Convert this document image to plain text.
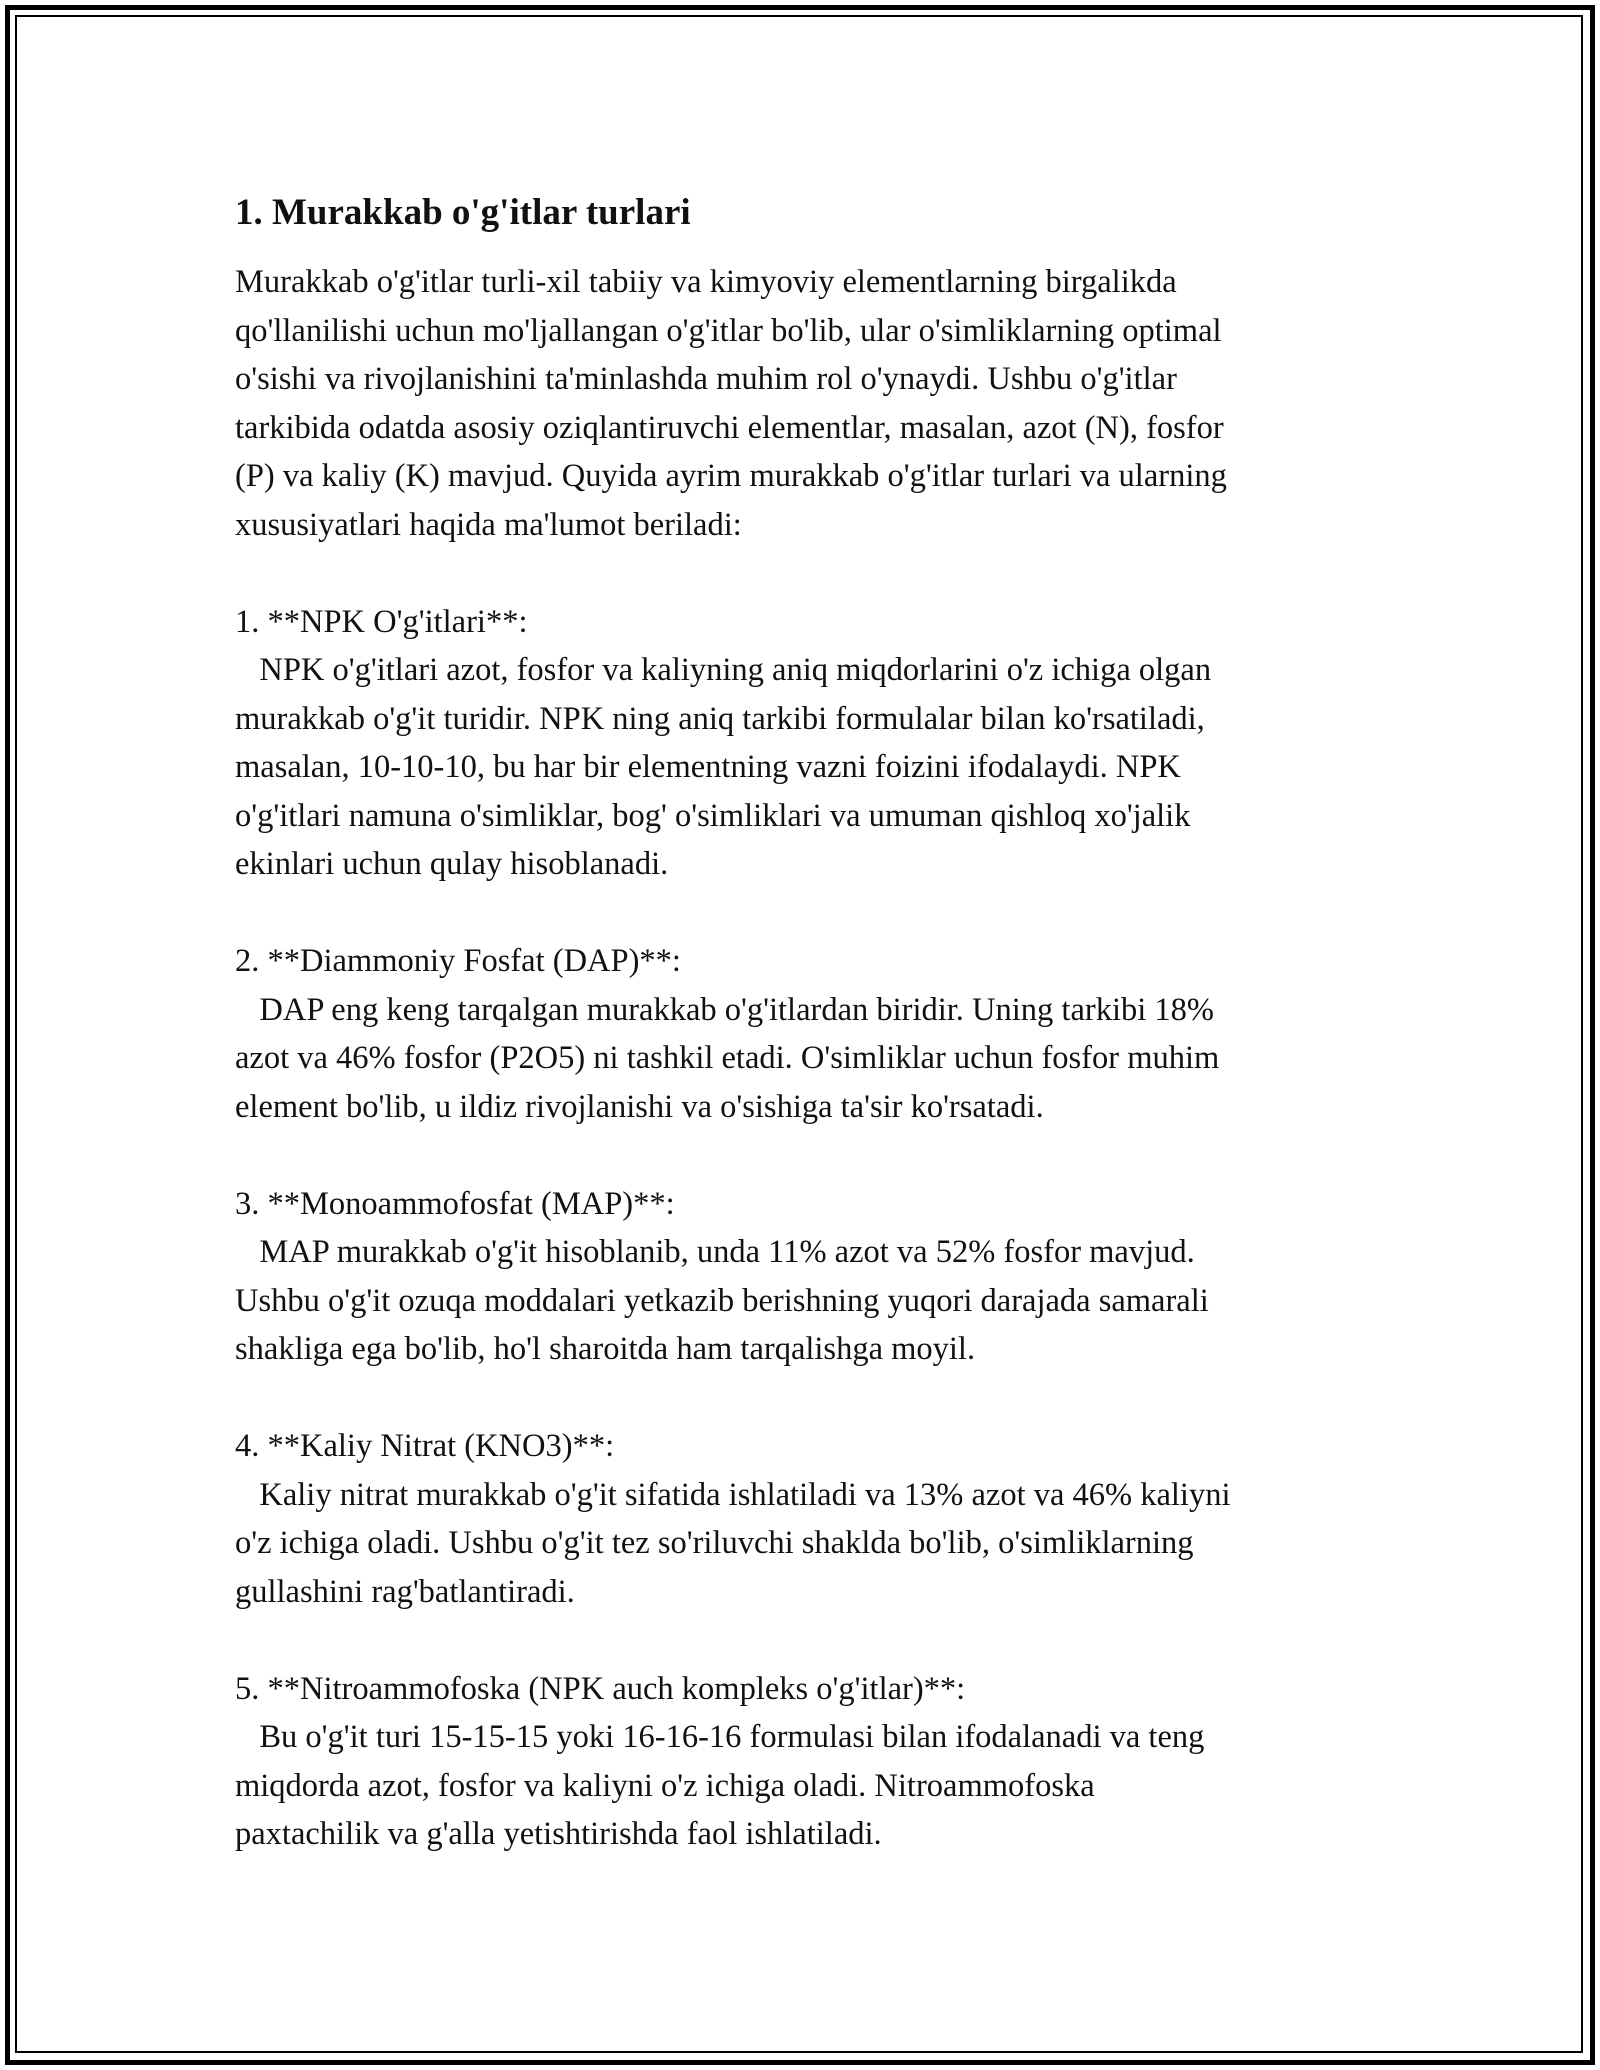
1. Murakkab o'g'itlar turlari
Murakkab o'g'itlar turli-xil tabiiy va kimyoviy elementlarning birgalikda
qo'llanilishi uchun mo'ljallangan o'g'itlar bo'lib, ular o'simliklarning optimal
o'sishi va rivojlanishini ta'minlashda muhim rol o'ynaydi. Ushbu o'g'itlar
tarkibida odatda asosiy oziqlantiruvchi elementlar, masalan, azot (N), fosfor
(P) va kaliy (K) mavjud. Quyida ayrim murakkab o'g'itlar turlari va ularning
xususiyatlari haqida ma'lumot beriladi:
1. **NPK O'g'itlari**:
NPK o'g'itlari azot, fosfor va kaliyning aniq miqdorlarini o'z ichiga olgan
murakkab o'g'it turidir. NPK ning aniq tarkibi formulalar bilan ko'rsatiladi,
masalan, 10-10-10, bu har bir elementning vazni foizini ifodalaydi. NPK
o'g'itlari namuna o'simliklar, bog' o'simliklari va umuman qishloq xo'jalik
ekinlari uchun qulay hisoblanadi.
2. **Diammoniy Fosfat (DAP)**:
DAP eng keng tarqalgan murakkab o'g'itlardan biridir. Uning tarkibi 18%
azot va 46% fosfor (P2O5) ni tashkil etadi. O'simliklar uchun fosfor muhim
element bo'lib, u ildiz rivojlanishi va o'sishiga ta'sir ko'rsatadi.
3. **Monoammofosfat (MAP)**:
MAP murakkab o'g'it hisoblanib, unda 11% azot va 52% fosfor mavjud.
Ushbu o'g'it ozuqa moddalari yetkazib berishning yuqori darajada samarali
shakliga ega bo'lib, ho'l sharoitda ham tarqalishga moyil.
4. **Kaliy Nitrat (KNO3)**:
Kaliy nitrat murakkab o'g'it sifatida ishlatiladi va 13% azot va 46% kaliyni
o'z ichiga oladi. Ushbu o'g'it tez so'riluvchi shaklda bo'lib, o'simliklarning
gullashini rag'batlantiradi.
5. **Nitroammofoska (NPK auch kompleks o'g'itlar)**:
Bu o'g'it turi 15-15-15 yoki 16-16-16 formulasi bilan ifodalanadi va teng
miqdorda azot, fosfor va kaliyni o'z ichiga oladi. Nitroammofoska
paxtachilik va g'alla yetishtirishda faol ishlatiladi.
